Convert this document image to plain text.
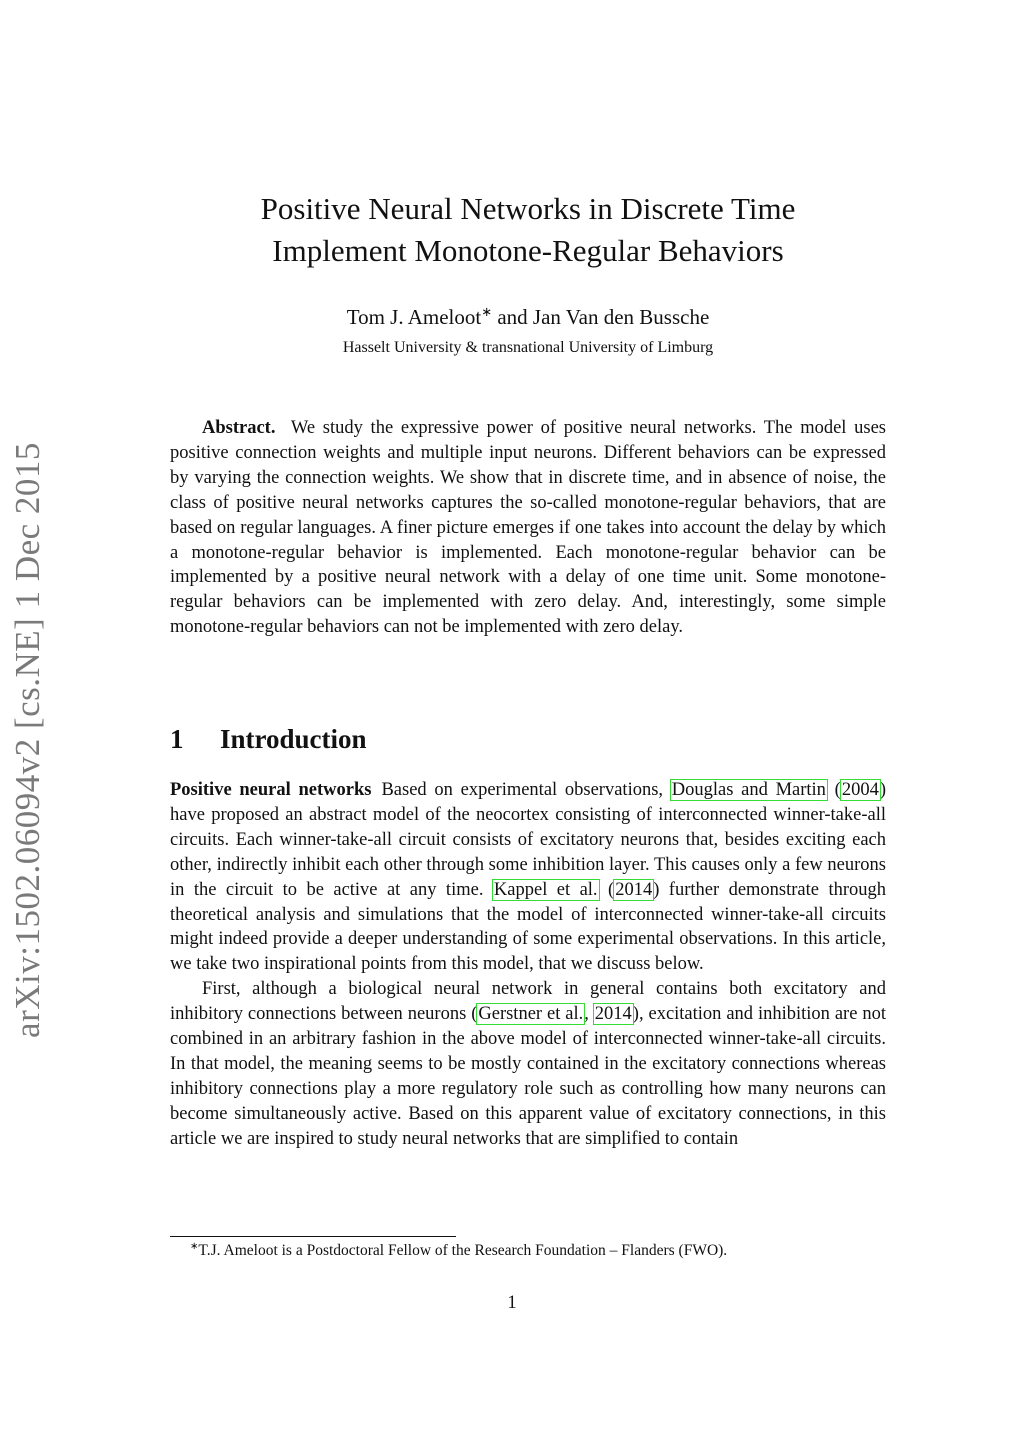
arXiv:1502.06094v2 [cs.NE] 1 Dec 2015
Positive Neural Networks in Discrete Time
Implement Monotone-Regular Behaviors
Tom J. Ameloot∗ and Jan Van den Bussche
Hasselt University & transnational University of Limburg

Abstract. We study the expressive power of positive neural networks. The model uses positive connection weights and multiple input neurons. Different behaviors can be expressed by varying the connection weights. We show that in discrete time, and in absence of noise, the class of positive neural networks captures the so-called monotone-regular behaviors, that are based on regular languages. A finer picture emerges if one takes into account the delay by which a monotone-regular behavior is implemented. Each monotone-regular behavior can be implemented by a positive neural network with a delay of one time unit. Some monotone-regular behaviors can be implemented with zero delay. And, interestingly, some simple monotone-regular behaviors can not be implemented with zero delay.

1 Introduction

Positive neural networks Based on experimental observations, Douglas and Martin (2004) have proposed an abstract model of the neocortex consisting of interconnected winner-take-all circuits. Each winner-take-all circuit consists of excitatory neurons that, besides exciting each other, indirectly inhibit each other through some inhibition layer. This causes only a few neurons in the circuit to be active at any time. Kappel et al. (2014) further demonstrate through theoretical analysis and simulations that the model of interconnected winner-take-all circuits might indeed provide a deeper understanding of some experimental observations. In this article, we take two inspirational points from this model, that we discuss below.

First, although a biological neural network in general contains both excitatory and inhibitory connections between neurons (Gerstner et al., 2014), excitation and inhibition are not combined in an arbitrary fashion in the above model of interconnected winner-take-all circuits. In that model, the meaning seems to be mostly contained in the excitatory connections whereas inhibitory connections play a more regulatory role such as controlling how many neurons can become simultaneously active. Based on this apparent value of excitatory connections, in this article we are inspired to study neural networks that are simplified to contain

∗T.J. Ameloot is a Postdoctoral Fellow of the Research Foundation – Flanders (FWO).
1
